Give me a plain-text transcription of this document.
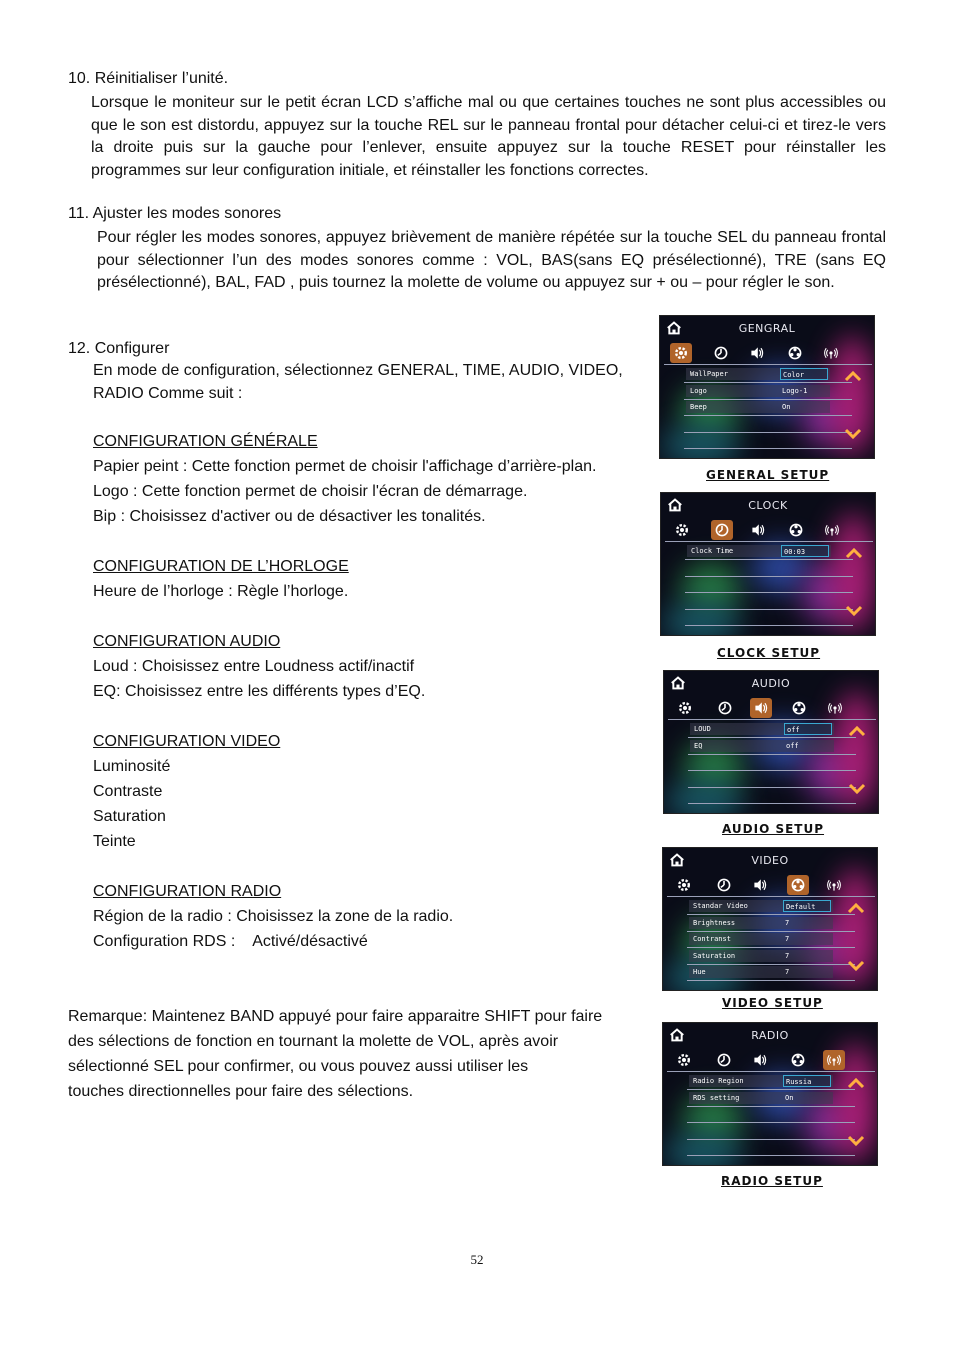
10. Réinitialiser l’unité.
Lorsque le moniteur sur le petit écran LCD s’affiche mal ou que certaines touches ne sont plus accessibles ou que le son est distordu, appuyez sur la touche REL sur le panneau frontal pour détacher celui-ci et tirez-le vers la droite puis sur la gauche pour l’enlever, ensuite appuyez sur la touche RESET pour réinstaller les programmes sur leur configuration initiale, et réinstaller les fonctions correctes.
11. Ajuster les modes sonores
Pour régler les modes sonores, appuyez brièvement de manière répétée sur la touche SEL du panneau frontal pour sélectionner l’un des modes sonores comme : VOL, BAS(sans EQ présélectionné), TRE (sans EQ présélectionné), BAL, FAD , puis tournez la molette de volume ou appuyez sur + ou – pour régler le son.
12. Configurer
En mode de configuration, sélectionnez GENERAL, TIME, AUDIO, VIDEO,
RADIO Comme suit :
CONFIGURATION GÉNÉRALE
Papier peint : Cette fonction permet de choisir l'affichage d’arrière-plan.
Logo : Cette fonction permet de choisir l'écran de démarrage.
Bip : Choisissez d'activer ou de désactiver les tonalités.
CONFIGURATION DE L’HORLOGE
Heure de l’horloge : Règle l’horloge.
CONFIGURATION AUDIO
Loud : Choisissez entre Loudness actif/inactif
EQ: Choisissez entre les différents types d’EQ.
CONFIGURATION VIDEO
Luminosité
Contraste
Saturation
Teinte
CONFIGURATION RADIO
Région de la radio : Choisissez la zone de la radio.
Configuration RDS :    Activé/désactivé
Remarque: Maintenez BAND appuyé pour faire apparaitre SHIFT pour faire
des sélections de fonction en tournant la molette de VOL, après avoir
sélectionné SEL pour confirmer, ou vous pouvez aussi utiliser les
touches directionnelles pour faire des sélections.
GENGRAL
WallPaper	Color
Logo	Logo-1
Beep	On
GENERAL SETUP
CLOCK
Clock Time	00:03
CLOCK SETUP
AUDIO
LOUD	off
EQ	off
AUDIO SETUP
VIDEO
Standar Video	Default
Brightness	7
Contranst	7
Saturation	7
Hue	7
VIDEO SETUP
RADIO
Radio Region	Russia
RDS setting	On
RADIO SETUP
52
